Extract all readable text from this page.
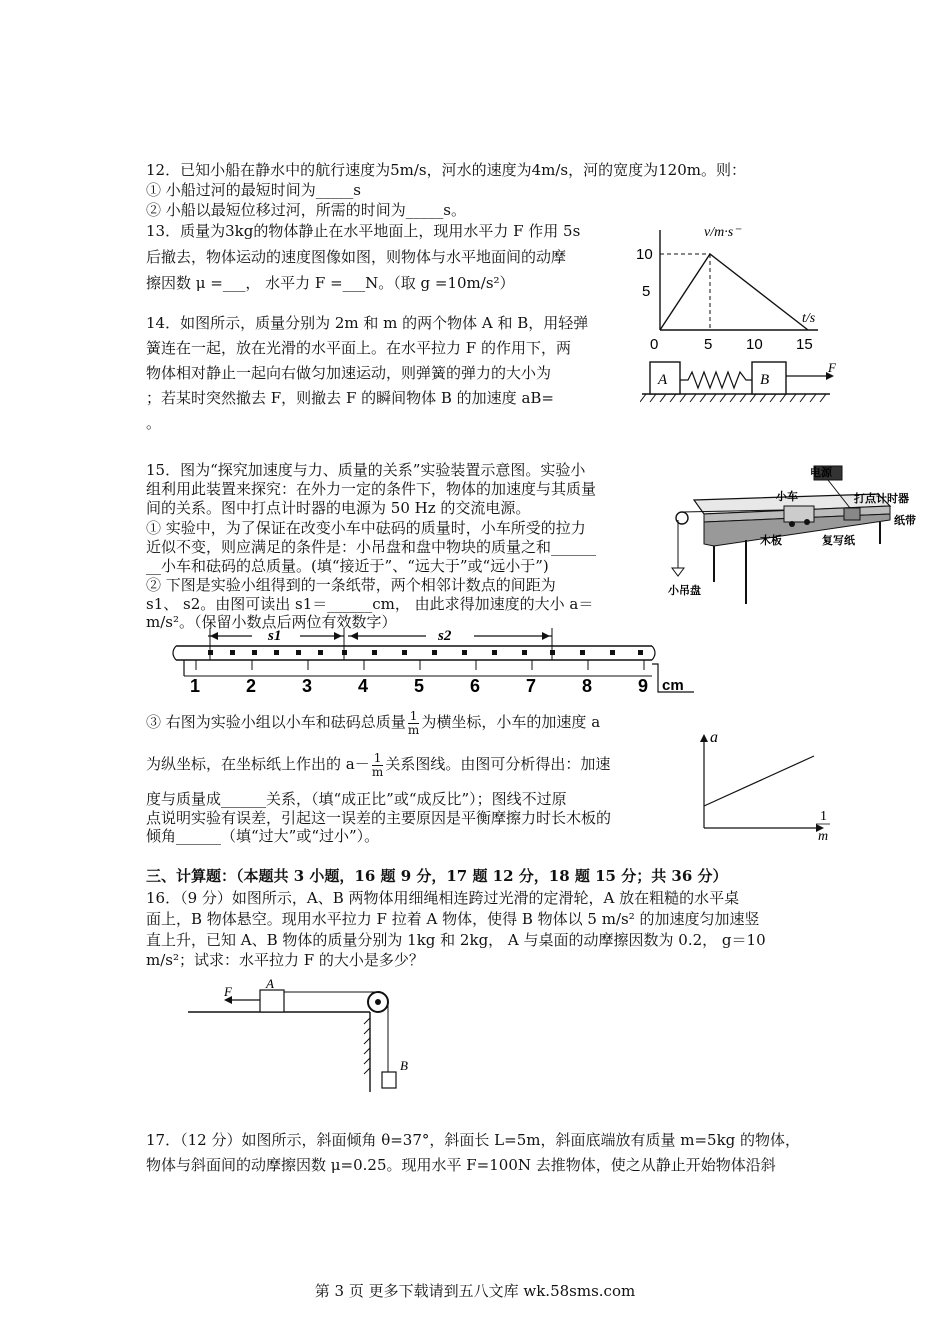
12．已知小船在静水中的航行速度为5m/s，河水的速度为4m/s，河的宽度为120m。则：
① 小船过河的最短时间为_____s
② 小船以最短位移过河，所需的时间为_____s。
13．质量为3kg的物体静止在水平地面上，现用水平力 F 作用 5s
后撤去，物体运动的速度图像如图，则物体与水平地面间的动摩
擦因数 μ =___， 水平力 F =___N。（取 g =10m/s²）
v/m·s⁻
t/s
10
5
0	5 10 15
14．如图所示，质量分别为 2m 和 m 的两个物体 A 和 B，用轻弹
簧连在一起，放在光滑的水平面上。在水平拉力 F 的作用下，两
物体相对静止一起向右做匀加速运动，则弹簧的弹力的大小为
；若某时突然撤去 F，则撤去 F 的瞬间物体 B 的加速度 aB=
。
A	B
F
15．图为“探究加速度与力、质量的关系”实验装置示意图。实验小
组利用此装置来探究：在外力一定的条件下，物体的加速度与其质量
间的关系。图中打点计时器的电源为 50 Hz 的交流电源。
① 实验中，为了保证在改变小车中砝码的质量时，小车所受的拉力
近似不变，则应满足的条件是：小吊盘和盘中物块的质量之和______
__小车和砝码的总质量。(填“接近于”、“远大于”或“远小于”)
② 下图是实验小组得到的一条纸带，两个相邻计数点的间距为
s1、 s2。由图可读出 s1＝______cm， 由此求得加速度的大小 a＝
m/s²。（保留小数点后两位有效数字）
电源
小车	打点计时器
纸带
木板	复写纸
小吊盘
s1	s2
1	2	3	4	5	6	7	8	9 cm
③ 右图为实验小组以小车和砝码总质量 $\frac{1}{m}$ 为横坐标，小车的加速度 a
为纵坐标，在坐标纸上作出的 $a- \frac{1}{m}$ 关系图线。由图可分析得出：加速
度与质量成______关系，（填“成正比”或“成反比”）；图线不过原
点说明实验有误差，引起这一误差的主要原因是平衡摩擦力时长木板的
倾角______（填“过大”或“过小”）。
a
1
m
三、计算题：（本题共 3 小题，16 题 9 分，17 题 12 分，18 题 15 分；共 36 分）
16．（9 分）如图所示，A、B 两物体用细绳相连跨过光滑的定滑轮，A 放在粗糙的水平桌
面上，B 物体悬空。现用水平拉力 F 拉着 A 物体，使得 B 物体以 5 m/s² 的加速度匀加速竖
直上升，已知 A、B 物体的质量分别为 1kg 和 2kg， A 与桌面的动摩擦因数为 0.2， g＝10
m/s²；试求：水平拉力 F 的大小是多少？
A
F
B
17．（12 分）如图所示，斜面倾角 θ=37°，斜面长 L=5m，斜面底端放有质量 m=5kg 的物体，
物体与斜面间的动摩擦因数 μ=0.25。现用水平 F=100N 去推物体，使之从静止开始物体沿斜
第 3 页 更多下载请到五八文库 wk.58sms.com
